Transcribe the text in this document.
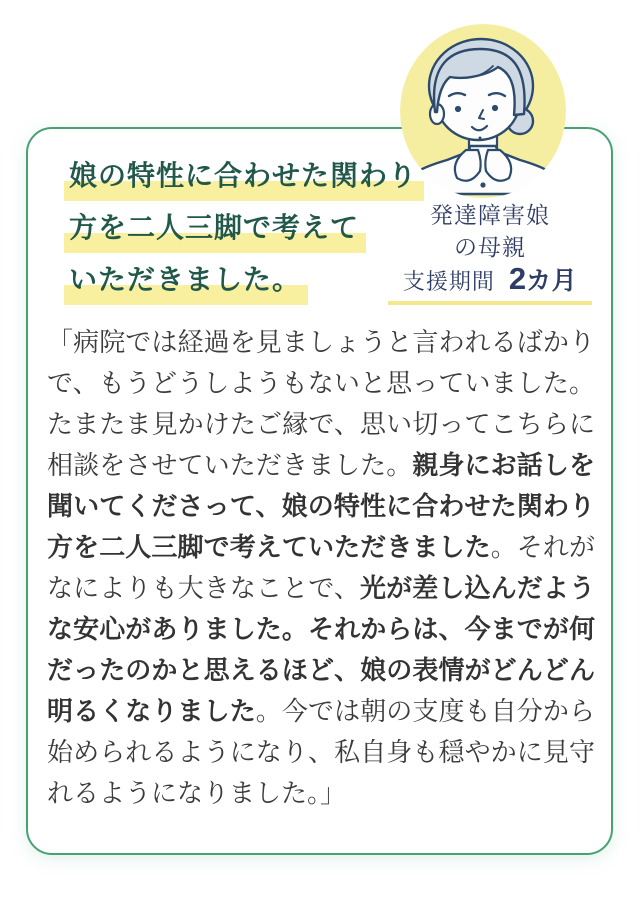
娘の特性に合わせた関わり
方を二人三脚で考えて
いただきました。
発達障害娘
の母親
支援期間 2カ月
「病院では経過を見ましょうと言われるばかりで、もうどうしようもないと思っていました。たまたま見かけたご縁で、思い切ってこちらに相談をさせていただきました。親身にお話しを聞いてくださって、娘の特性に合わせた関わり方を二人三脚で考えていただきました。それがなによりも大きなことで、光が差し込んだような安心がありました。それからは、今までが何だったのかと思えるほど、娘の表情がどんどん明るくなりました。今では朝の支度も自分から始められるようになり、私自身も穏やかに見守れるようになりました。」
